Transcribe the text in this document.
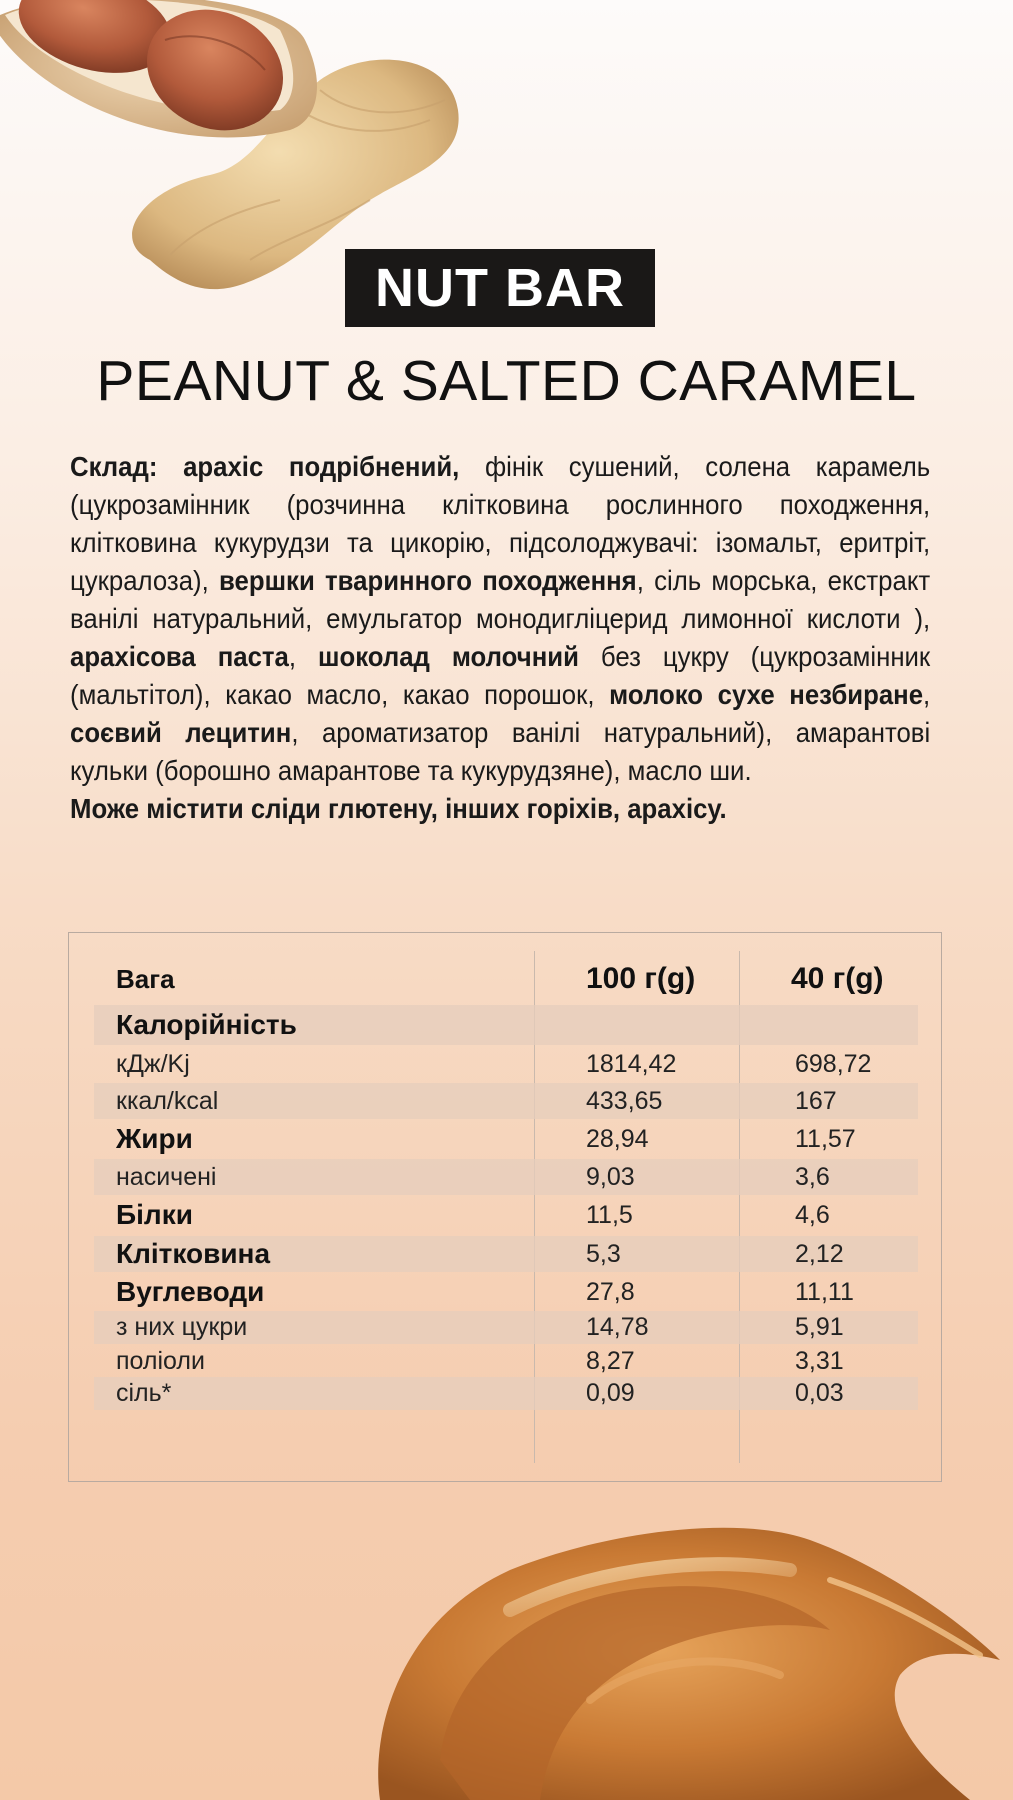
NUT BAR
PEANUT & SALTED CARAMEL
Склад: арахіс подрібнений, фінік сушений, солена карамель (цукрозамінник (розчинна клітковина рослинного походження, клітковина кукурудзи та цикорію, підсолоджувачі: ізомальт, еритріт, цукралоза), вершки тваринного походження, сіль морська, екстракт ванілі натуральний, емульгатор монодигліцерид лимонної кислоти ), арахісова паста, шоколад молочний без цукру (цукрозамінник (мальтітол), какао масло, какао порошок, молоко сухе незбиране, соєвий лецитин, ароматизатор ванілі натуральний), амарантові кульки (борошно амарантове та кукурудзяне), масло ши.
Може містити сліди глютену, інших горіхів, арахісу.
Вага	100 г(g)	40 г(g)
Калорійність
кДж/Kj	1814,42	698,72
ккал/kcal	433,65	167
Жири	28,94	11,57
насичені	9,03	3,6
Білки	11,5	4,6
Клітковина	5,3	2,12
Вуглеводи	27,8	11,11
з них цукри	14,78	5,91
поліоли	8,27	3,31
сіль*	0,09	0,03
